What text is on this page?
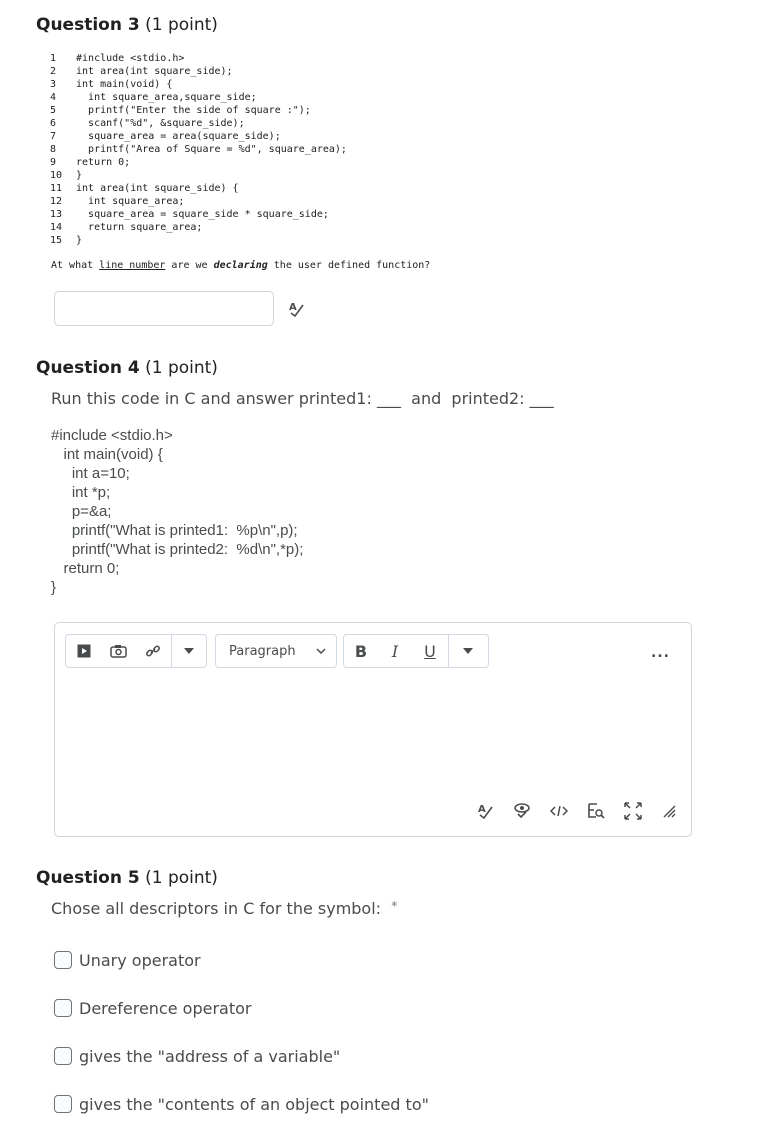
Question 3 (1 point)
1 #include <stdio.h>
2 int area(int square_side);
3 int main(void) {
4   int square_area,square_side;
5   printf("Enter the side of square :");
6   scanf("%d", &square_side);
7   square_area = area(square_side);
8   printf("Area of Square = %d", square_area);
9 return 0;
10 }
11 int area(int square_side) {
12   int square_area;
13   square_area = square_side * square_side;
14   return square_area;
15 }
At what line number are we declaring the user defined function?
A
Question 4 (1 point)
Run this code in C and answer printed1: ___  and  printed2: ___
#include <stdio.h>
int main(void) {
int a=10;
int *p;
p=&a;
printf("What is printed1:  %p\n",p);
printf("What is printed2:  %d\n",*p);
return 0;
}
Paragraph	B I U	...
A
Question 5 (1 point)
Chose all descriptors in C for the symbol:  *
Unary operator
Dereference operator
gives the "address of a variable"
gives the "contents of an object pointed to"
